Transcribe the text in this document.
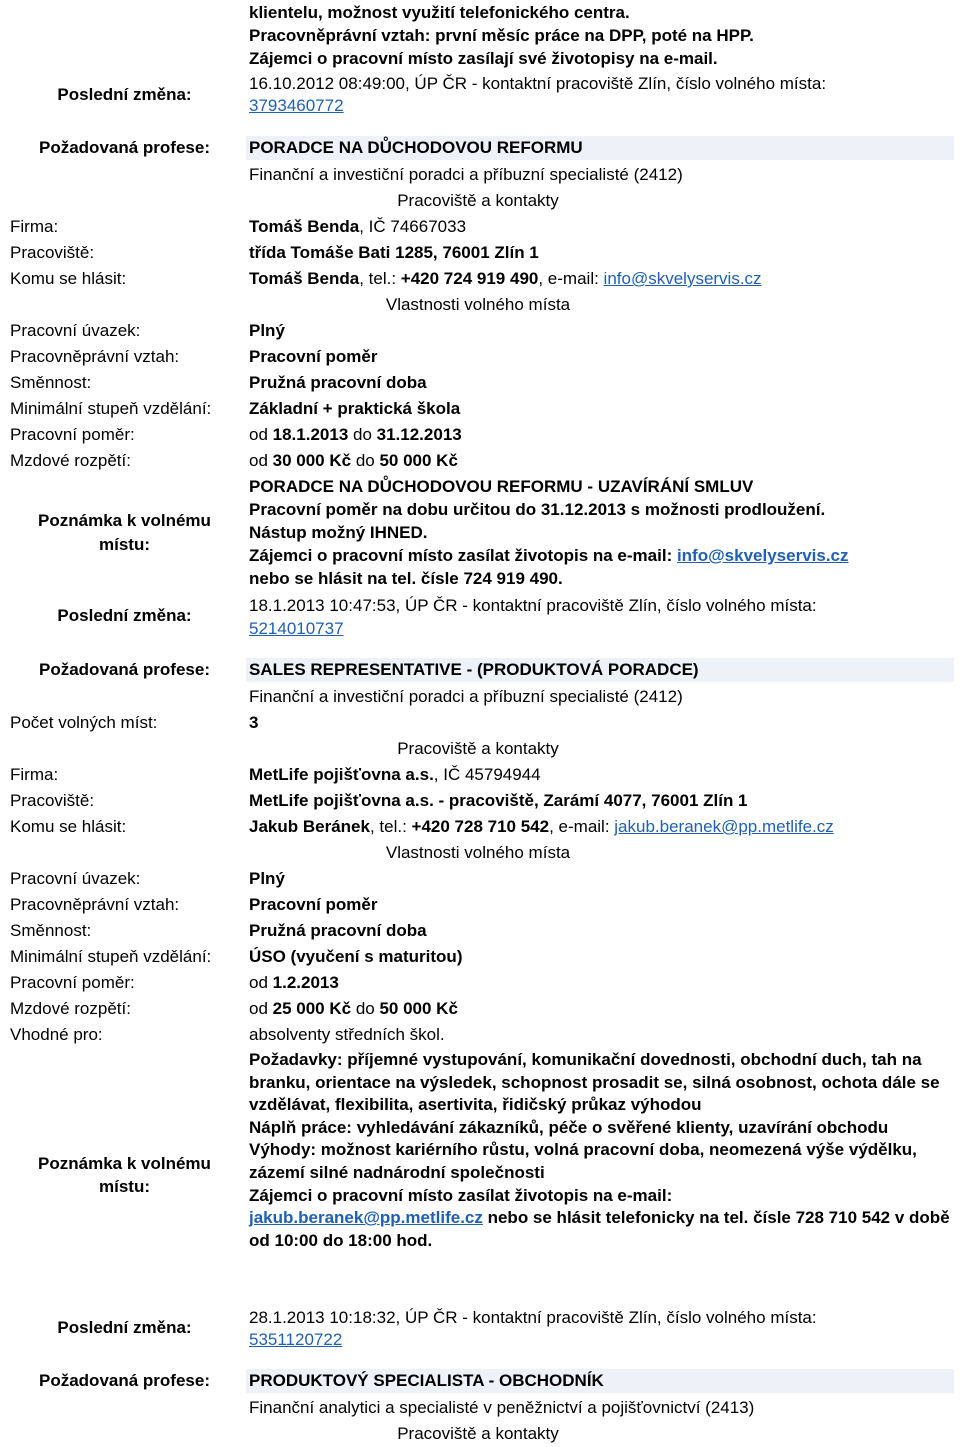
klientelu, možnost využití telefonického centra.
Pracovněprávní vztah: první měsíc práce na DPP, poté na HPP.
Zájemci o pracovní místo zasílají své životopisy na e-mail.
Poslední změna:
16.10.2012 08:49:00, ÚP ČR - kontaktní pracoviště Zlín, číslo volného místa:
3793460772
Požadovaná profese:	PORADCE NA DŮCHODOVOU REFORMU
Finanční a investiční poradci a příbuzní specialisté (2412)
Pracoviště a kontakty
Firma:	Tomáš Benda, IČ 74667033
Pracoviště:	třída Tomáše Bati 1285, 76001 Zlín 1
Komu se hlásit:	Tomáš Benda, tel.: +420 724 919 490, e-mail: info@skvelyservis.cz
Vlastnosti volného místa
Pracovní úvazek:	Plný
Pracovněprávní vztah:	Pracovní poměr
Směnnost:	Pružná pracovní doba
Minimální stupeň vzdělání: Základní + praktická škola
Pracovní poměr:	od 18.1.2013 do 31.12.2013
Mzdové rozpětí:	od 30 000 Kč do 50 000 Kč
Poznámka k volnému
místu:
PORADCE NA DŮCHODOVOU REFORMU - UZAVÍRÁNÍ SMLUV
Pracovní poměr na dobu určitou do 31.12.2013 s možnosti prodloužení.
Nástup možný IHNED.
Zájemci o pracovní místo zasílat životopis na e-mail: info@skvelyservis.cz
nebo se hlásit na tel. čísle 724 919 490.
Poslední změna:
18.1.2013 10:47:53, ÚP ČR - kontaktní pracoviště Zlín, číslo volného místa:
5214010737
Požadovaná profese:	SALES REPRESENTATIVE - (PRODUKTOVÁ PORADCE)
Finanční a investiční poradci a příbuzní specialisté (2412)
Počet volných míst:	3
Pracoviště a kontakty
Firma:	MetLife pojišťovna a.s., IČ 45794944
Pracoviště:	MetLife pojišťovna a.s. - pracoviště, Zarámí 4077, 76001 Zlín 1
Komu se hlásit:	Jakub Beránek, tel.: +420 728 710 542, e-mail: jakub.beranek@pp.metlife.cz
Vlastnosti volného místa
Pracovní úvazek:	Plný
Pracovněprávní vztah:	Pracovní poměr
Směnnost:	Pružná pracovní doba
Minimální stupeň vzdělání: ÚSO (vyučení s maturitou)
Pracovní poměr:	od 1.2.2013
Mzdové rozpětí:	od 25 000 Kč do 50 000 Kč
Vhodné pro:	absolventy středních škol.
Poznámka k volnému
místu:

Požadavky: příjemné vystupování, komunikační dovednosti, obchodní duch, tah na branku, orientace na výsledek, schopnost prosadit se, silná osobnost, ochota dále se vzdělávat, flexibilita, asertivita, řidičský průkaz výhodou

Náplň práce: vyhledávání zákazníků, péče o svěřené klienty, uzavírání obchodu

Výhody: možnost kariérního růstu, volná pracovní doba, neomezená výše výdělku, zázemí silné nadnárodní společnosti

Zájemci o pracovní místo zasílat životopis na e-mail:

jakub.beranek@pp.metlife.cz nebo se hlásit telefonicky na tel. čísle 728 710 542 v době od 10:00 do 18:00 hod.

Poslední změna:
28.1.2013 10:18:32, ÚP ČR - kontaktní pracoviště Zlín, číslo volného místa:
5351120722
Požadovaná profese:	PRODUKTOVÝ SPECIALISTA - OBCHODNÍK
Finanční analytici a specialisté v peněžnictví a pojišťovnictví (2413)
Pracoviště a kontakty
